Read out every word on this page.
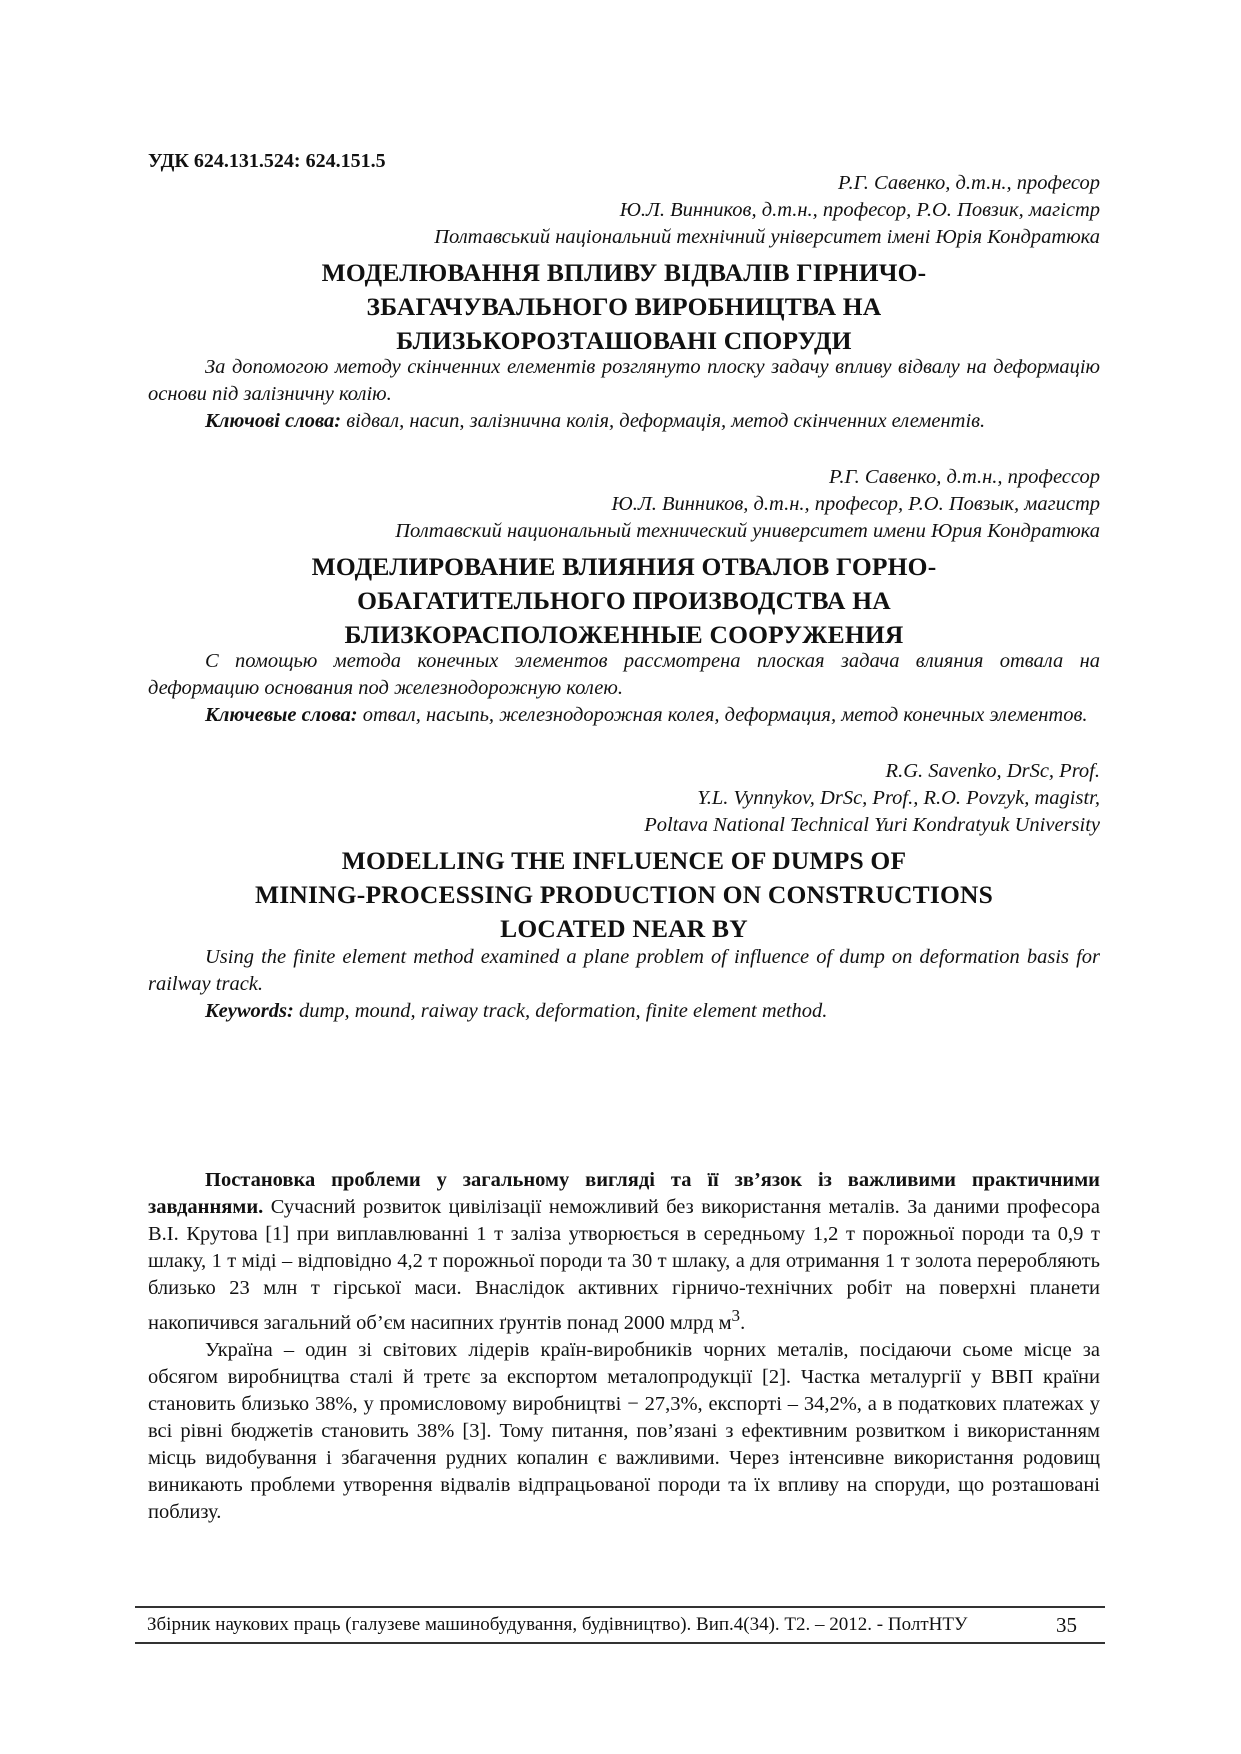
УДК 624.131.524: 624.151.5
Р.Г. Савенко, д.т.н., професор
Ю.Л. Винников, д.т.н., професор, Р.О. Повзик, магістр
Полтавський національний технічний університет імені Юрія Кондратюка
МОДЕЛЮВАННЯ ВПЛИВУ ВІДВАЛІВ ГІРНИЧО-
ЗБАГАЧУВАЛЬНОГО ВИРОБНИЦТВА НА
БЛИЗЬКОРОЗТАШОВАНІ СПОРУДИ

За допомогою методу скінченних елементів розглянуто плоску задачу впливу відвалу на деформацію основи під залізничну колію.

Ключові слова: відвал, насип, залізнична колія, деформація, метод скінченних елементів.

Р.Г. Савенко, д.т.н., профессор
Ю.Л. Винников, д.т.н., професор, Р.О. Повзык, магистр
Полтавский национальный технический университет имени Юрия Кондратюка
МОДЕЛИРОВАНИЕ ВЛИЯНИЯ ОТВАЛОВ ГОРНО-
ОБАГАТИТЕЛЬНОГО ПРОИЗВОДСТВА НА
БЛИЗКОРАСПОЛОЖЕННЫЕ СООРУЖЕНИЯ

С помощью метода конечных элементов рассмотрена плоская задача влияния отвала на деформацию основания под железнодорожную колею.

Ключевые слова: отвал, насыпь, железнодорожная колея, деформация, метод конечных элементов.

R.G. Savenko, DrSc, Prof.
Y.L. Vynnykov, DrSc, Prof., R.O. Povzyk, magistr,
Poltava National Technical Yuri Kondratyuk University
MODELLING THE INFLUENCE OF DUMPS OF
MINING-PROCESSING PRODUCTION ON CONSTRUCTIONS
LOCATED NEAR BY

Using the finite element method examined a plane problem of influence of dump on deformation basis for railway track.

Keywords: dump, mound, raiway track, deformation, finite element method.

Постановка проблеми у загальному вигляді та її зв’язок із важливими практичними завданнями. Сучасний розвиток цивілізації неможливий без використання металів. За даними професора В.І. Крутова [1] при виплавлюванні 1 т заліза утворюється в середньому 1,2 т порожньої породи та 0,9 т шлаку, 1 т міді – відповідно 4,2 т порожньої породи та 30 т шлаку, а для отримання 1 т золота переробляють близько 23 млн т гірської маси. Внаслідок активних гірничо-технічних робіт на поверхні планети накопичився загальний об’єм насипних ґрунтів понад 2000 млрд $м^3$.

Україна – один зі світових лідерів країн-виробників чорних металів, посідаючи сьоме місце за обсягом виробництва сталі й третє за експортом металопродукції [2]. Частка металургії у ВВП країни становить близько 38%, у промисловому виробництві − 27,3%, експорті – 34,2%, а в податкових платежах у всі рівні бюджетів становить 38% [3]. Тому питання, пов’язані з ефективним розвитком і використанням місць видобування і збагачення рудних копалин є важливими. Через інтенсивне використання родовищ виникають проблеми утворення відвалів відпрацьованої породи та їх впливу на споруди, що розташовані поблизу.

Збірник наукових праць (галузеве машинобудування, будівництво). Вип.4(34). Т2. – 2012. - ПолтНТУ	35
